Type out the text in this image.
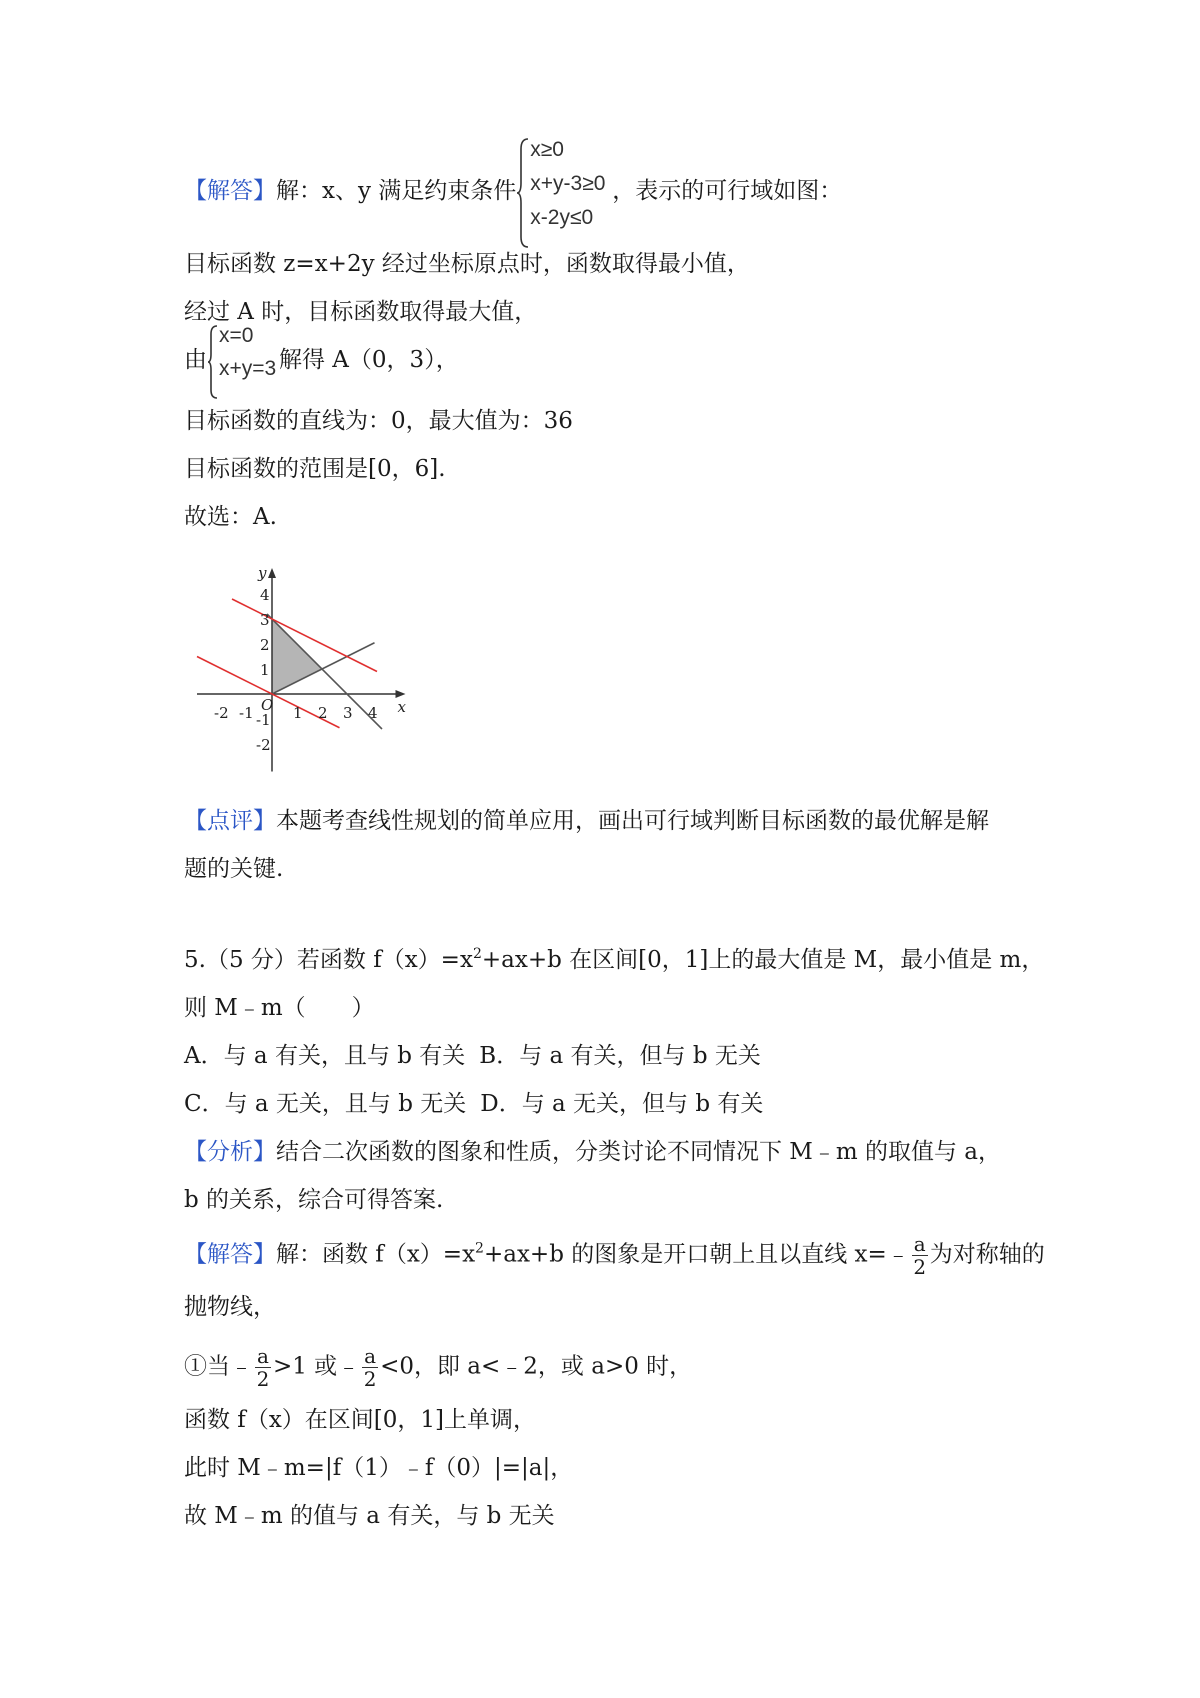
【解答】解：x、y 满足约束条件
x≥0
x+y-3≥0
x-2y≤0
，表示的可行域如图：
目标函数 z=x+2y 经过坐标原点时，函数取得最小值，
经过 A 时，目标函数取得最大值，
由
x=0
x+y=3 解得 A（0，3），
目标函数的直线为：0，最大值为：36
目标函数的范围是[0，6].
故选：A.
-2 -1	1 2 3 4
4
3
2
1
-1
-2
O	x
y
【点评】本题考查线性规划的简单应用，画出可行域判断目标函数的最优解是解
题的关键.
5.（5 分）若函数 $f(x)=x^2+ax+b$ 在区间[0，1]上的最大值是 M，最小值是 m，
则 M﹣m（　　）
A．与 a 有关，且与 b 有关 B．与 a 有关，但与 b 无关
C．与 a 无关，且与 b 无关 D．与 a 无关，但与 b 有关
【分析】结合二次函数的图象和性质，分类讨论不同情况下 M﹣m 的取值与 a，
b 的关系，综合可得答案.
【解答】解：函数 $f(x)=x^2+ax+b$ 的图象是开口朝上且以直线 x=﹣ $\frac{a}{2}$ 为对称轴的
抛物线，
①当﹣ $\frac{a}{2} >1$ 或﹣ $\frac{a}{2} <0$，即 a<﹣2，或 a>0 时，
函数 f（x）在区间[0，1]上单调，
此时 M﹣m=|f（1）﹣f（0）|=|a|，
故 M﹣m 的值与 a 有关，与 b 无关
